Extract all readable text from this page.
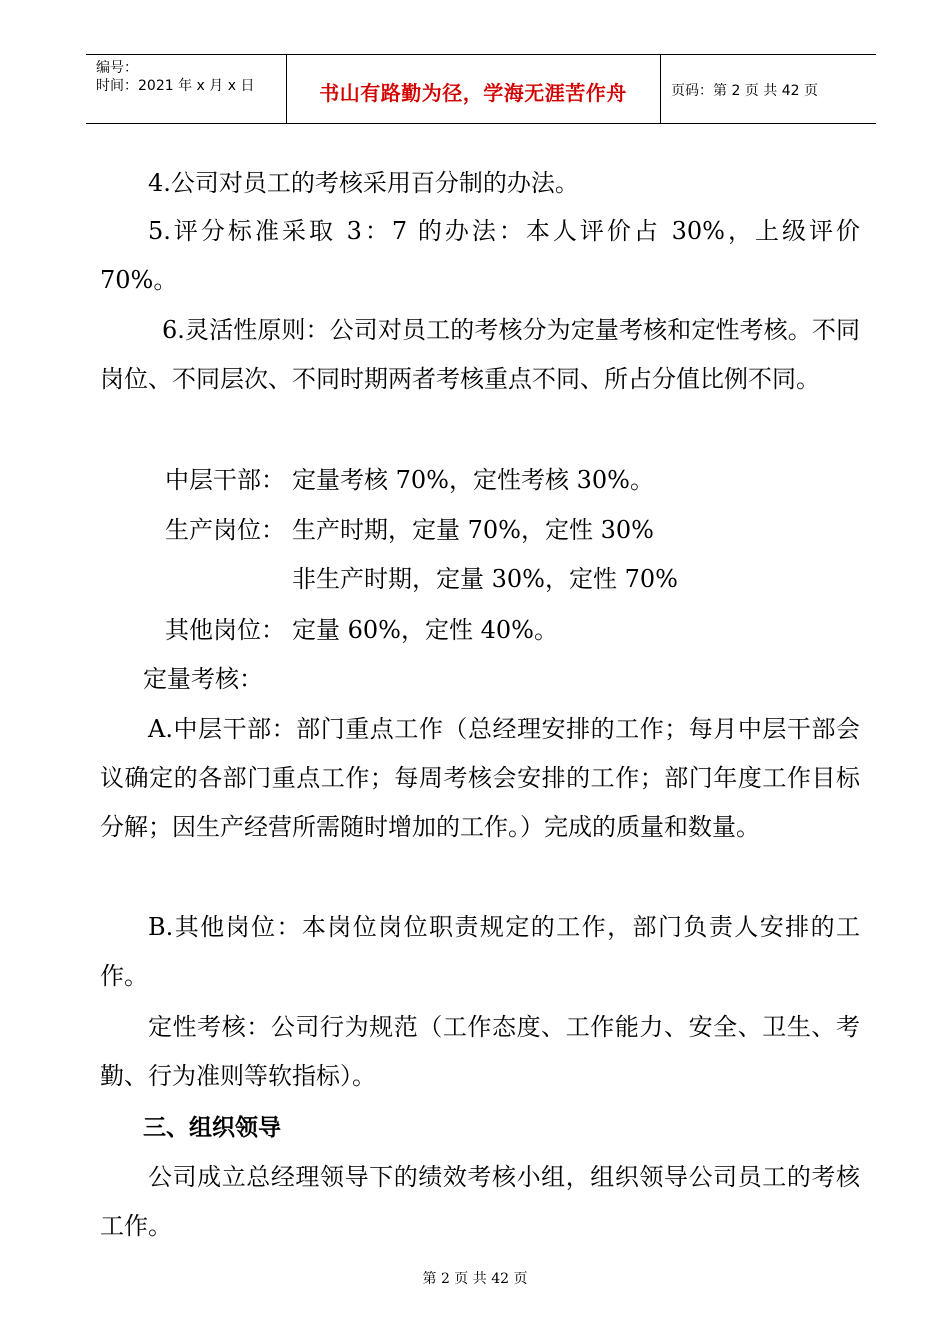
编号：
时间：2021 年 x 月 x 日	书山有路勤为径，学海无涯苦作舟	页码：第 2 页 共 42 页

4.公司对员工的考核采用百分制的办法。

5.评分标准采取 3：7 的办法：本人评价占 30%，上级评价 70%。

6.灵活性原则：公司对员工的考核分为定量考核和定性考核。不同岗位、不同层次、不同时期两者考核重点不同、所占分值比例不同。

中层干部： 定量考核 70%，定性考核 30%。
生产岗位： 生产时期，定量 70%，定性 30%
非生产时期，定量 30%，定性 70%
其他岗位： 定量 60%，定性 40%。
定量考核：

A.中层干部：部门重点工作（总经理安排的工作；每月中层干部会议确定的各部门重点工作；每周考核会安排的工作；部门年度工作目标分解；因生产经营所需随时增加的工作。）完成的质量和数量。

B.其他岗位：本岗位岗位职责规定的工作，部门负责人安排的工作。

定性考核：公司行为规范（工作态度、工作能力、安全、卫生、考勤、行为准则等软指标）。

三、组织领导

公司成立总经理领导下的绩效考核小组，组织领导公司员工的考核工作。

第 2 页 共 42 页
